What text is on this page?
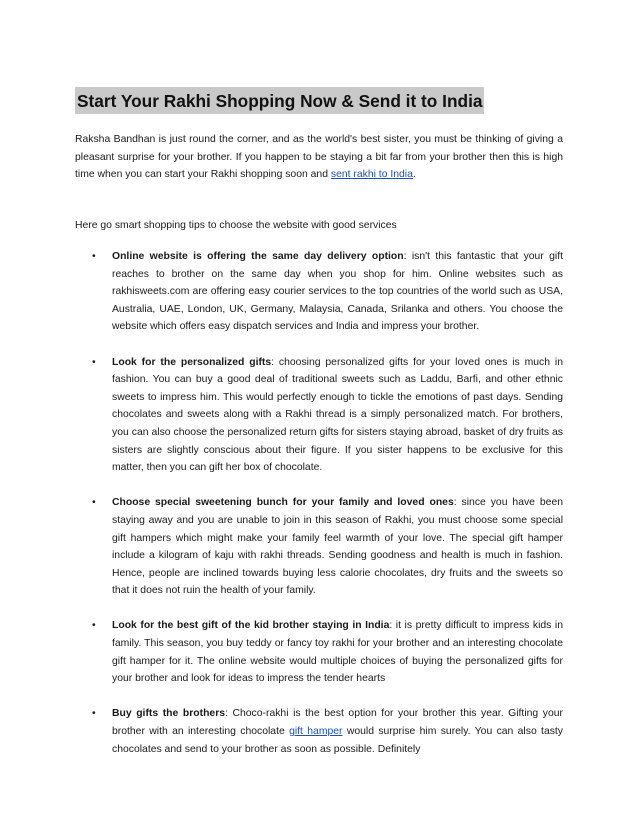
Start Your Rakhi Shopping Now & Send it to India

Raksha Bandhan is just round the corner, and as the world's best sister, you must be thinking of giving a pleasant surprise for your brother. If you happen to be staying a bit far from your brother then this is high time when you can start your Rakhi shopping soon and sent rakhi to India.

Here go smart shopping tips to choose the website with good services

• Online website is offering the same day delivery option: isn't this fantastic that your gift reaches to brother on the same day when you shop for him. Online websites such as rakhisweets.com are offering easy courier services to the top countries of the world such as USA, Australia, UAE, London, UK, Germany, Malaysia, Canada, Srilanka and others. You choose the website which offers easy dispatch services and India and impress your brother.
• Look for the personalized gifts: choosing personalized gifts for your loved ones is much in fashion. You can buy a good deal of traditional sweets such as Laddu, Barfi, and other ethnic sweets to impress him. This would perfectly enough to tickle the emotions of past days. Sending chocolates and sweets along with a Rakhi thread is a simply personalized match. For brothers, you can also choose the personalized return gifts for sisters staying abroad, basket of dry fruits as sisters are slightly conscious about their figure. If you sister happens to be exclusive for this matter, then you can gift her box of chocolate.
• Choose special sweetening bunch for your family and loved ones: since you have been staying away and you are unable to join in this season of Rakhi, you must choose some special gift hampers which might make your family feel warmth of your love. The special gift hamper include a kilogram of kaju with rakhi threads. Sending goodness and health is much in fashion. Hence, people are inclined towards buying less calorie chocolates, dry fruits and the sweets so that it does not ruin the health of your family.
• Look for the best gift of the kid brother staying in India: it is pretty difficult to impress kids in family. This season, you buy teddy or fancy toy rakhi for your brother and an interesting chocolate gift hamper for it. The online website would multiple choices of buying the personalized gifts for your brother and look for ideas to impress the tender hearts
• Buy gifts the brothers: Choco-rakhi is the best option for your brother this year. Gifting your brother with an interesting chocolate gift hamper would surprise him surely. You can also tasty chocolates and send to your brother as soon as possible. Definitely
